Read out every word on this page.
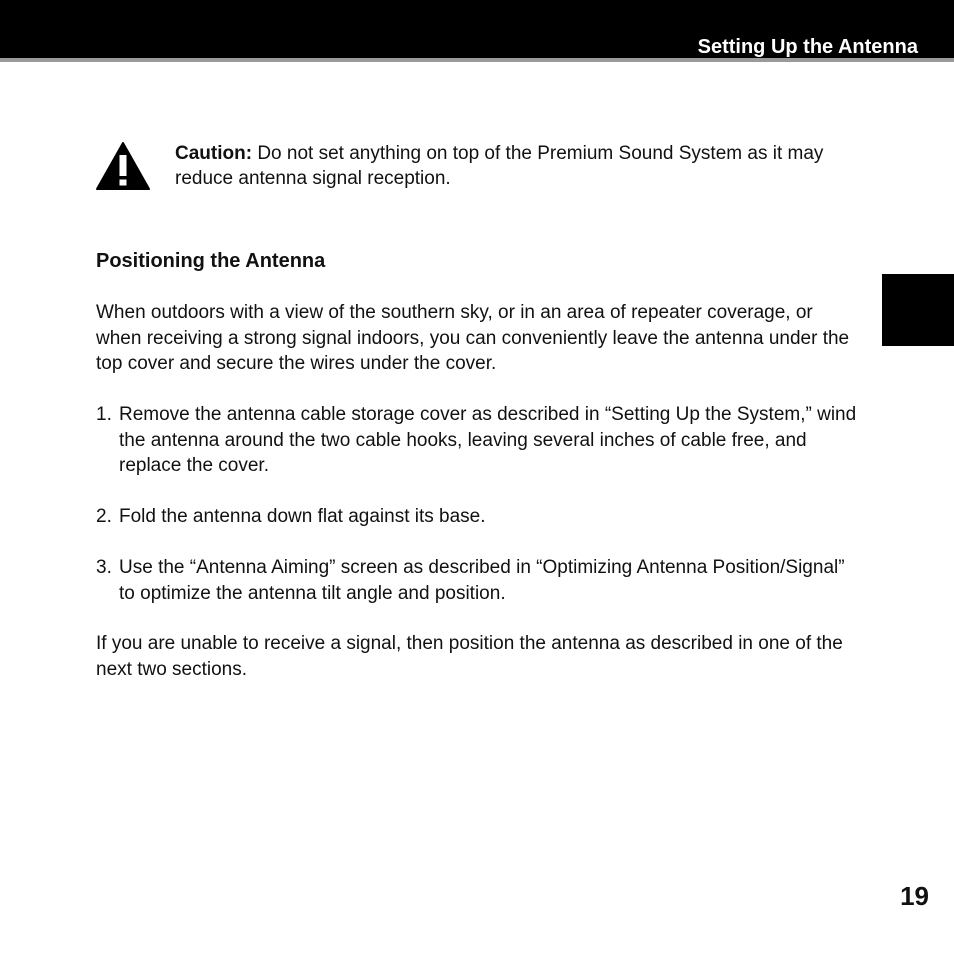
Setting Up the Antenna

Caution: Do not set anything on top of the Premium Sound System as it may reduce antenna signal reception.

Positioning the Antenna

When outdoors with a view of the southern sky, or in an area of repeater coverage, or when receiving a strong signal indoors, you can conveniently leave the antenna under the top cover and secure the wires under the cover.

1. Remove the antenna cable storage cover as described in “Setting Up the System,” wind the antenna around the two cable hooks, leaving several inches of cable free, and replace the cover.
2. Fold the antenna down flat against its base.
3. Use the “Antenna Aiming” screen as described in “Optimizing Antenna Position/Signal” to optimize the antenna tilt angle and position.

If you are unable to receive a signal, then position the antenna as described in one of the next two sections.

19
